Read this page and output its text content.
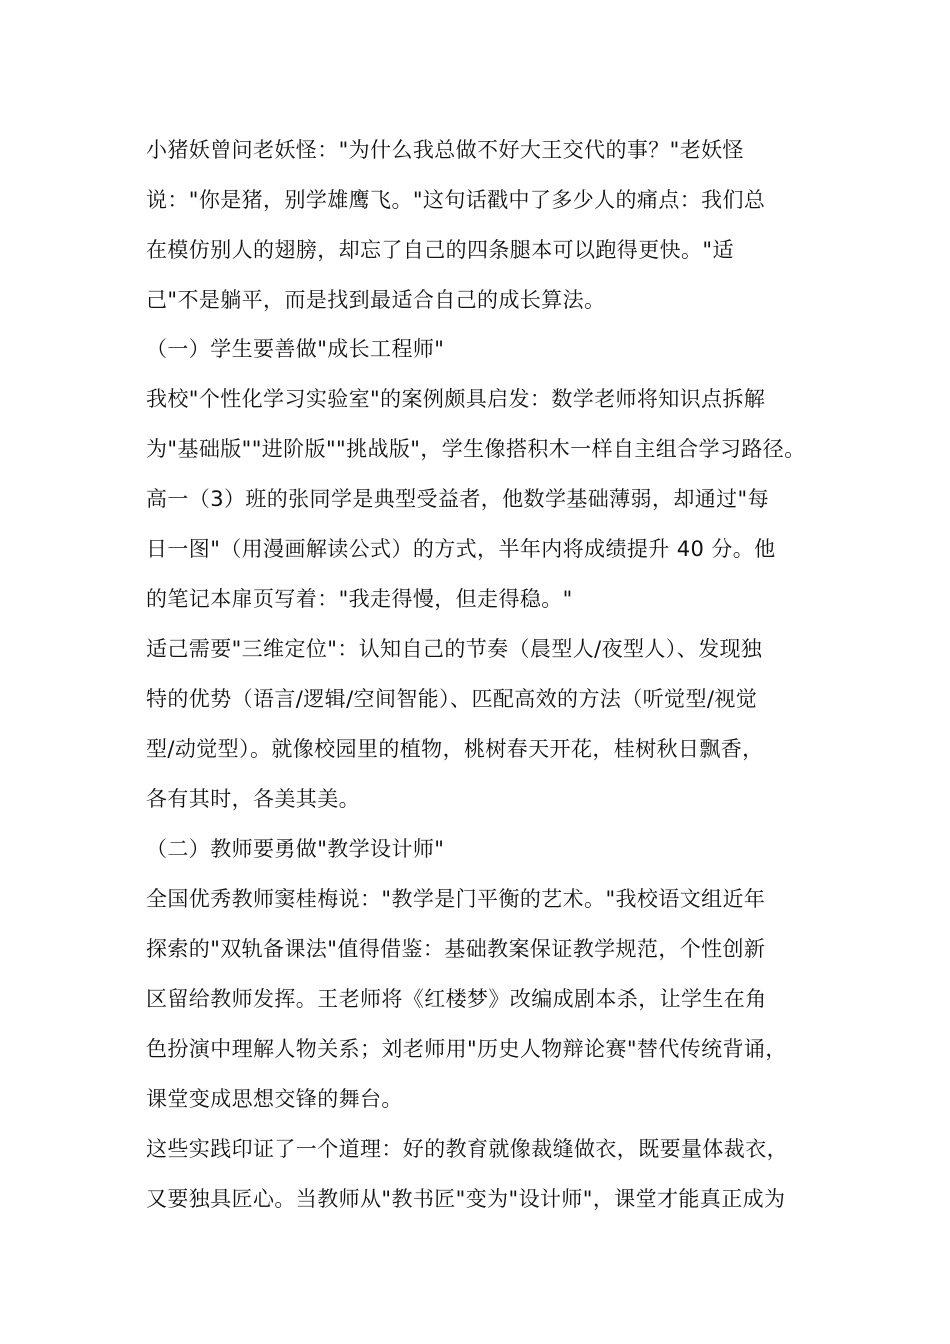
小猪妖曾问老妖怪："为什么我总做不好大王交代的事？"老妖怪
说："你是猪，别学雄鹰飞。"这句话戳中了多少人的痛点：我们总
在模仿别人的翅膀，却忘了自己的四条腿本可以跑得更快。"适
己"不是躺平，而是找到最适合自己的成长算法。
（一）学生要善做"成长工程师"
我校"个性化学习实验室"的案例颇具启发：数学老师将知识点拆解
为"基础版""进阶版""挑战版"，学生像搭积木一样自主组合学习路径。
高一（3）班的张同学是典型受益者，他数学基础薄弱，却通过"每
日一图"（用漫画解读公式）的方式，半年内将成绩提升 40 分。他
的笔记本扉页写着："我走得慢，但走得稳。"
适己需要"三维定位"：认知自己的节奏（晨型人/夜型人）、发现独
特的优势（语言/逻辑/空间智能）、匹配高效的方法（听觉型/视觉
型/动觉型）。就像校园里的植物，桃树春天开花，桂树秋日飘香，
各有其时，各美其美。
（二）教师要勇做"教学设计师"
全国优秀教师窦桂梅说："教学是门平衡的艺术。"我校语文组近年
探索的"双轨备课法"值得借鉴：基础教案保证教学规范，个性创新
区留给教师发挥。王老师将《红楼梦》改编成剧本杀，让学生在角
色扮演中理解人物关系；刘老师用"历史人物辩论赛"替代传统背诵，
课堂变成思想交锋的舞台。
这些实践印证了一个道理：好的教育就像裁缝做衣，既要量体裁衣，
又要独具匠心。当教师从"教书匠"变为"设计师"，课堂才能真正成为
